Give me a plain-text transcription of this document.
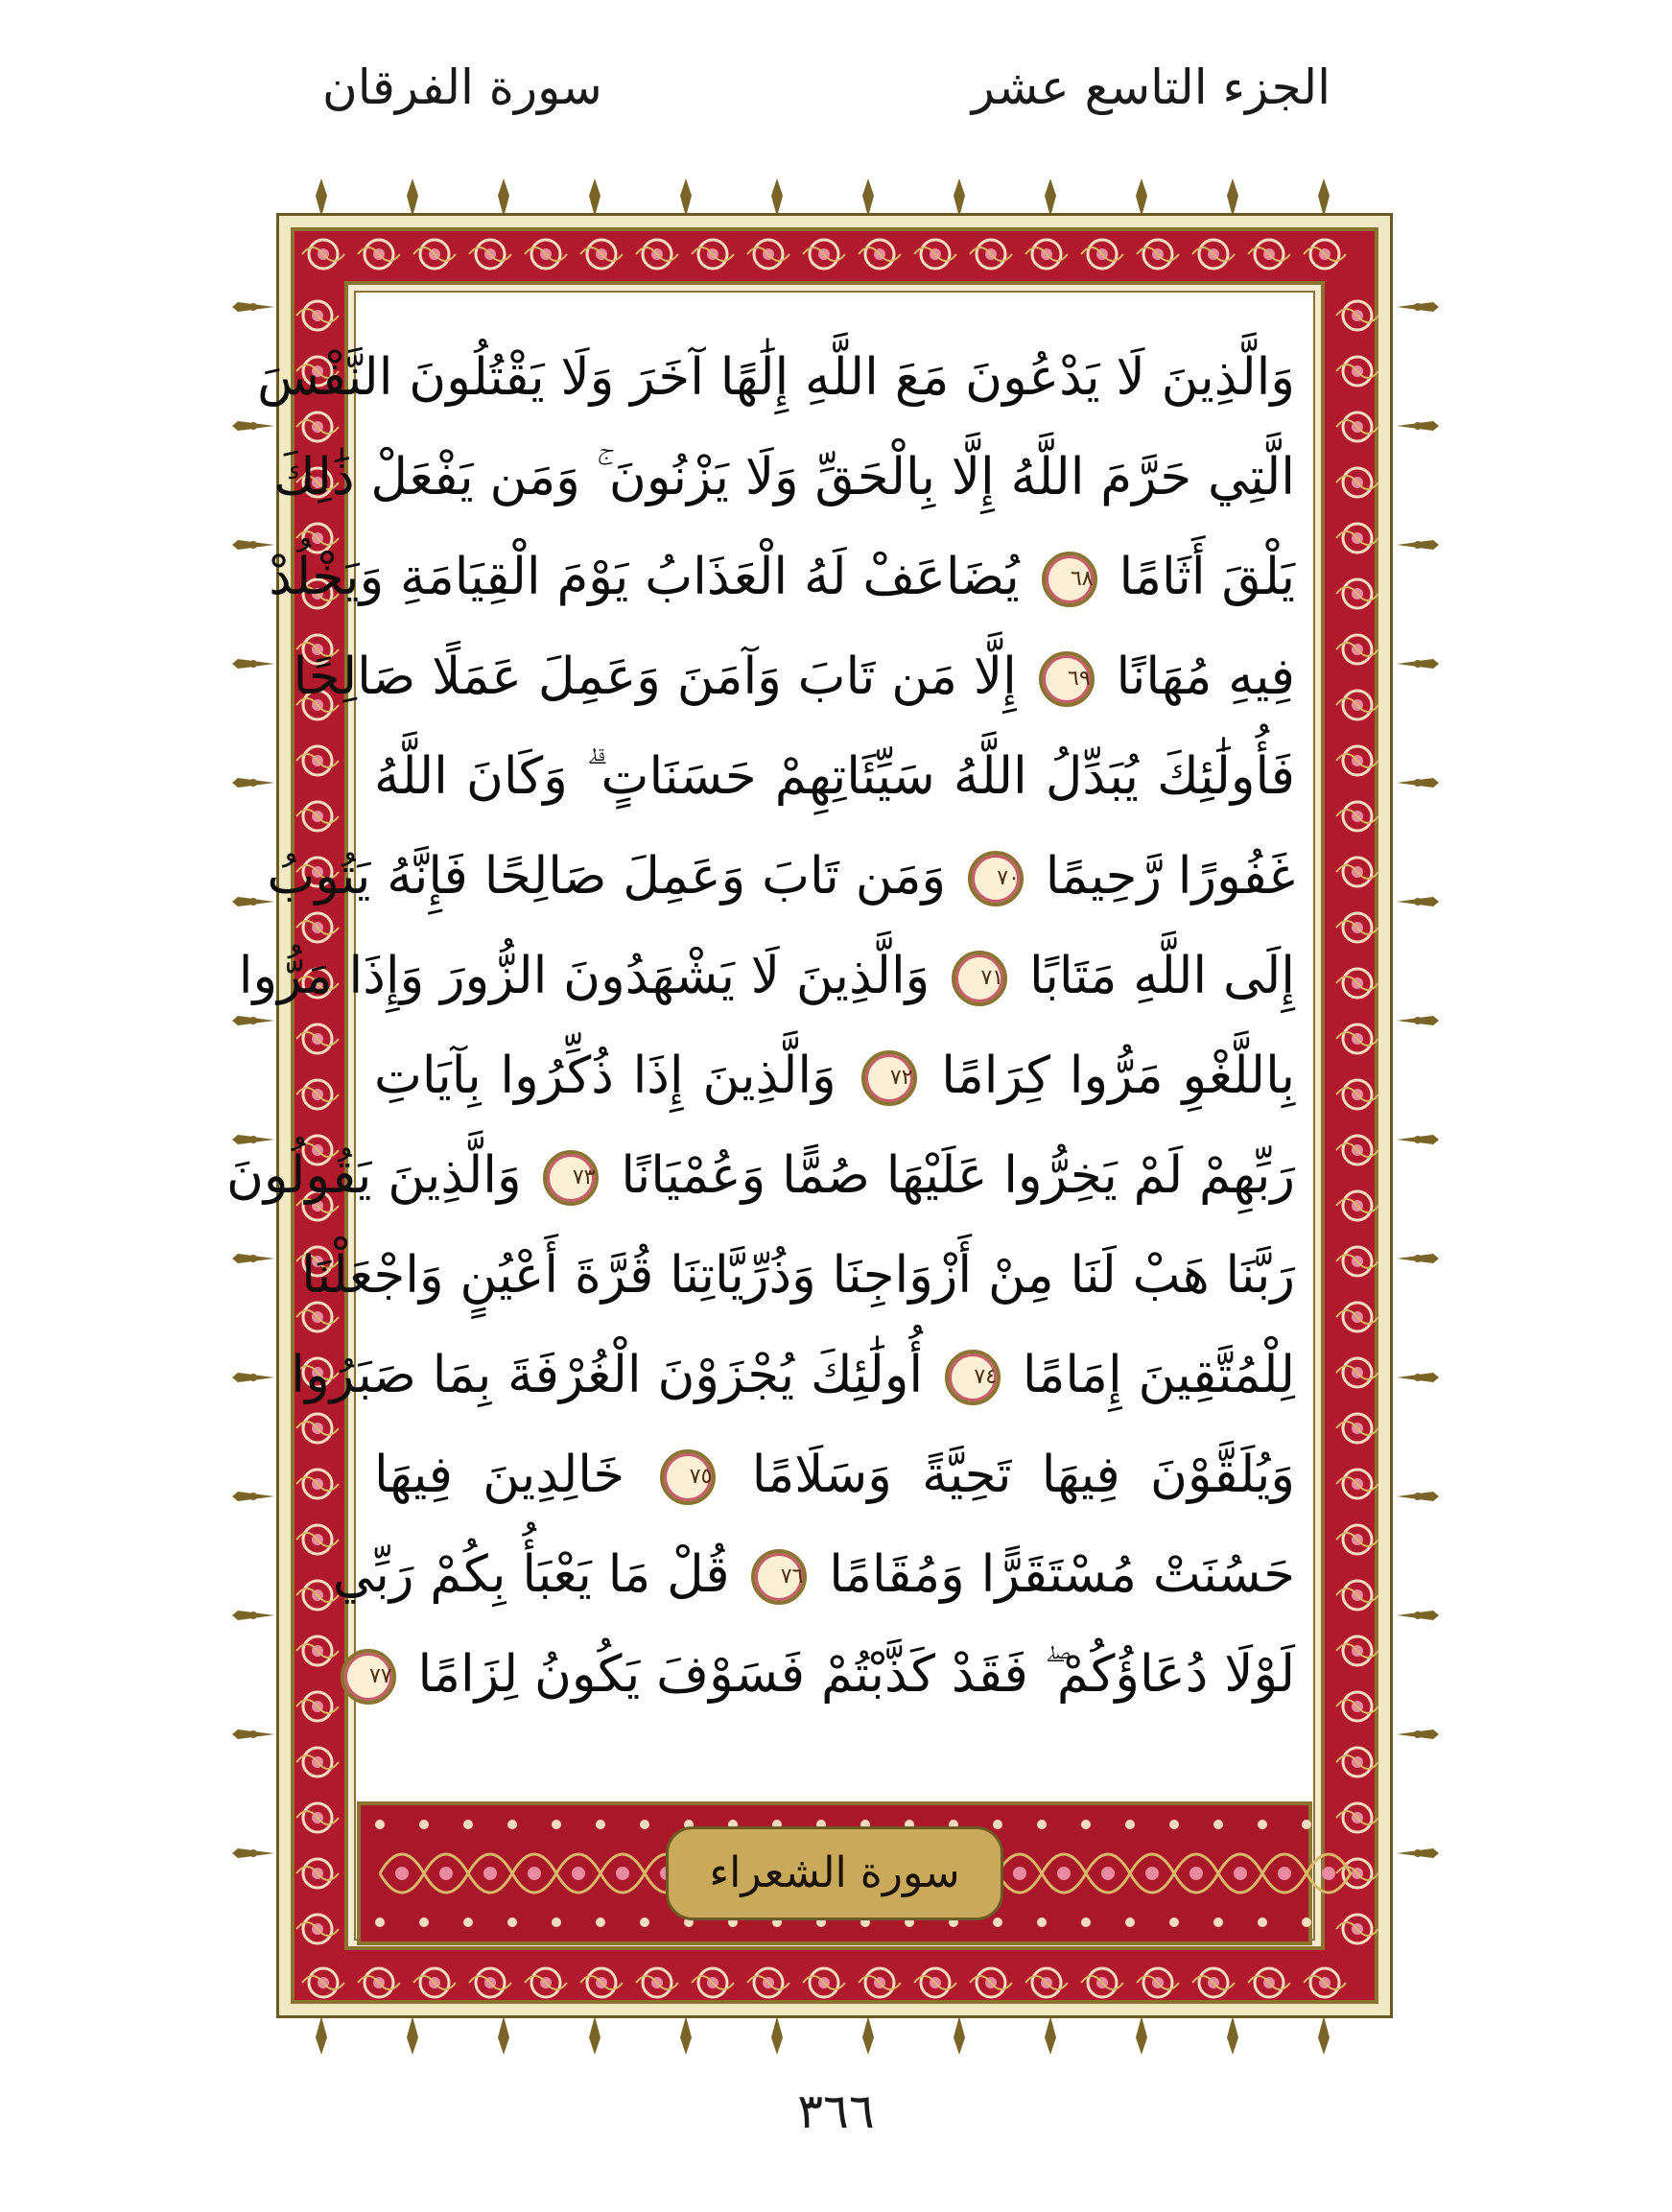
الجزء التاسع عشر
سورة الفرقان
وَالَّذِينَ لَا يَدْعُونَ مَعَ اللَّهِ إِلَٰهًا آخَرَ وَلَا يَقْتُلُونَ النَّفْسَ
الَّتِي حَرَّمَ اللَّهُ إِلَّا بِالْحَقِّ وَلَا يَزْنُونَ ۚ وَمَن يَفْعَلْ ذَٰلِكَ
يَلْقَ أَثَامًا ٦٨ يُضَاعَفْ لَهُ الْعَذَابُ يَوْمَ الْقِيَامَةِ وَيَخْلُدْ
فِيهِ مُهَانًا ٦٩ إِلَّا مَن تَابَ وَآمَنَ وَعَمِلَ عَمَلًا صَالِحًا
فَأُولَٰئِكَ يُبَدِّلُ اللَّهُ سَيِّئَاتِهِمْ حَسَنَاتٍ ۗ وَكَانَ اللَّهُ
غَفُورًا رَّحِيمًا ٧٠ وَمَن تَابَ وَعَمِلَ صَالِحًا فَإِنَّهُ يَتُوبُ
إِلَى اللَّهِ مَتَابًا ٧١ وَالَّذِينَ لَا يَشْهَدُونَ الزُّورَ وَإِذَا مَرُّوا
بِاللَّغْوِ مَرُّوا كِرَامًا ٧٢ وَالَّذِينَ إِذَا ذُكِّرُوا بِآيَاتِ
رَبِّهِمْ لَمْ يَخِرُّوا عَلَيْهَا صُمًّا وَعُمْيَانًا ٧٣ وَالَّذِينَ يَقُولُونَ
رَبَّنَا هَبْ لَنَا مِنْ أَزْوَاجِنَا وَذُرِّيَّاتِنَا قُرَّةَ أَعْيُنٍ وَاجْعَلْنَا
لِلْمُتَّقِينَ إِمَامًا ٧٤ أُولَٰئِكَ يُجْزَوْنَ الْغُرْفَةَ بِمَا صَبَرُوا
وَيُلَقَّوْنَ فِيهَا تَحِيَّةً وَسَلَامًا ٧٥ خَالِدِينَ فِيهَا
حَسُنَتْ مُسْتَقَرًّا وَمُقَامًا ٧٦ قُلْ مَا يَعْبَأُ بِكُمْ رَبِّي
لَوْلَا دُعَاؤُكُمْ ۖ فَقَدْ كَذَّبْتُمْ فَسَوْفَ يَكُونُ لِزَامًا ٧٧
سورة الشعراء
٣٦٦
